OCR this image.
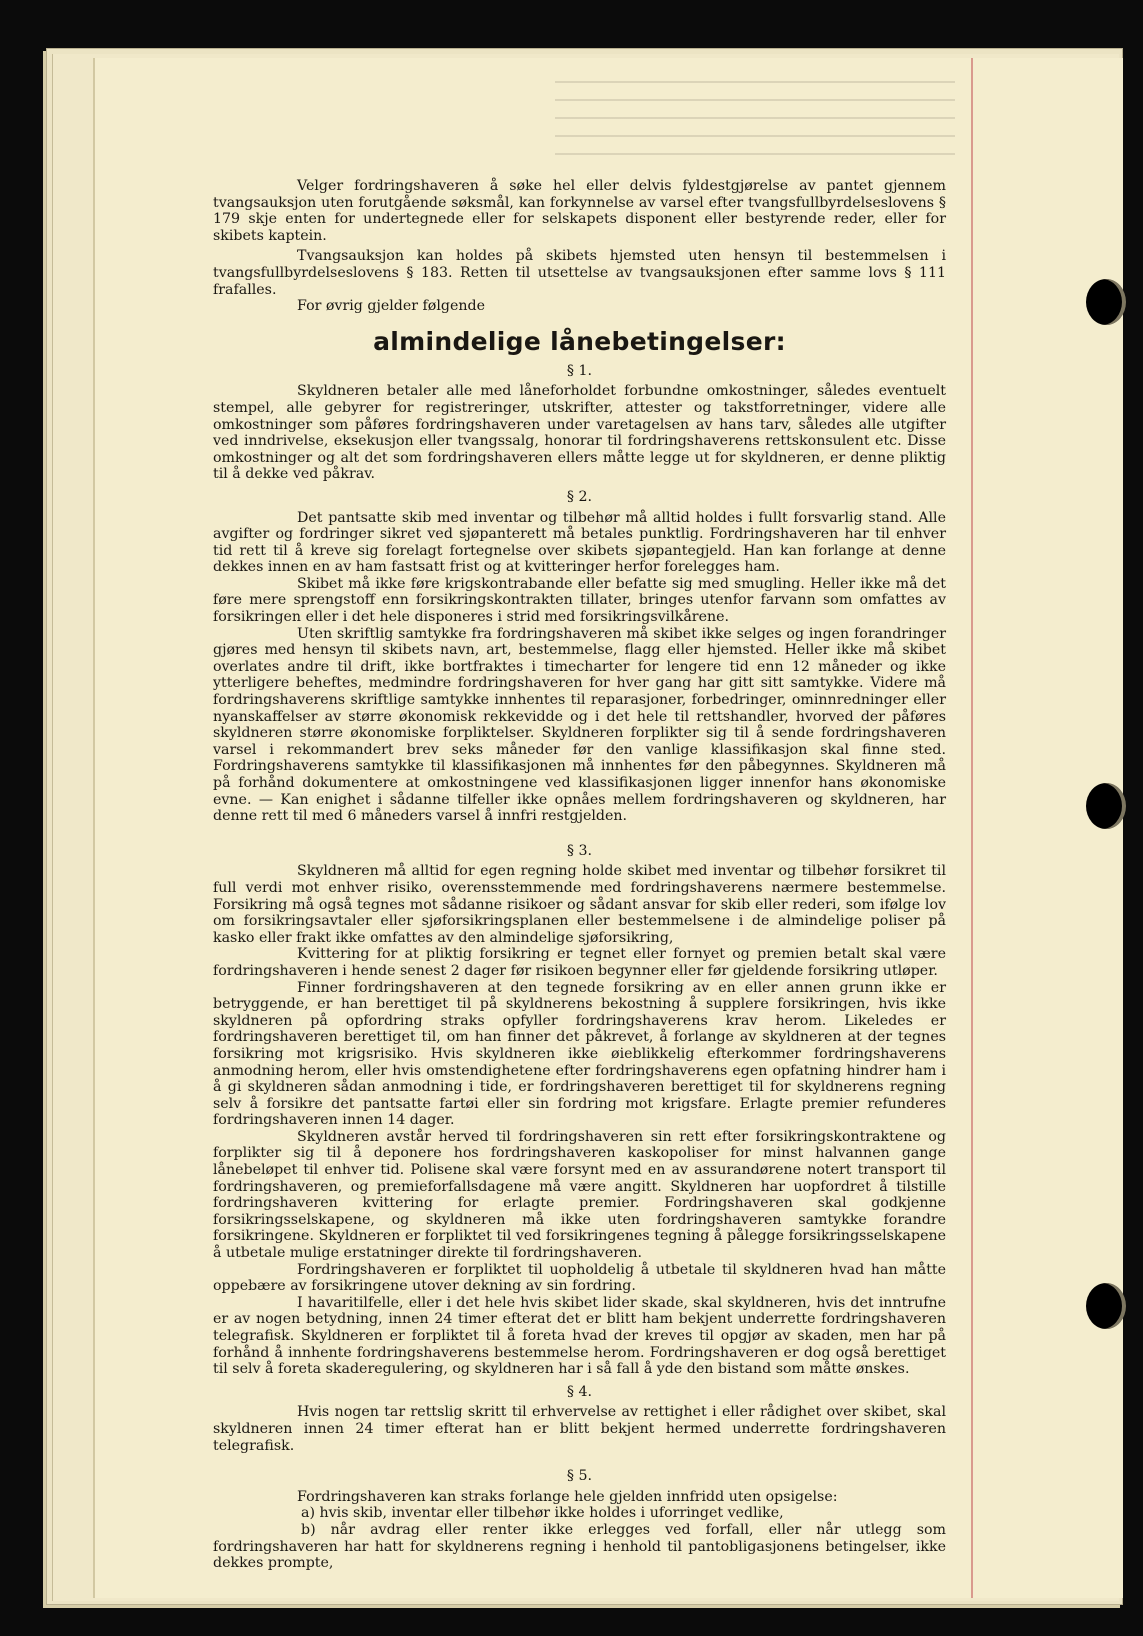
Velger fordringshaveren å søke hel eller delvis fyldestgjørelse av pantet gjennem tvangsauksjon uten forutgående søksmål, kan forkynnelse av varsel efter tvangsfullbyrdelseslovens § 179 skje enten for undertegnede eller for selskapets disponent eller bestyrende reder, eller for skibets kaptein.

Tvangsauksjon kan holdes på skibets hjemsted uten hensyn til bestemmelsen i tvangsfullbyrdelseslovens § 183. Retten til utsettelse av tvangsauksjonen efter samme lovs § 111 frafalles.

For øvrig gjelder følgende

almindelige lånebetingelser:
§ 1.

Skyldneren betaler alle med låneforholdet forbundne omkostninger, således eventuelt stempel, alle gebyrer for registreringer, utskrifter, attester og takstforretninger, videre alle omkostninger som påføres fordringshaveren under varetagelsen av hans tarv, således alle utgifter ved inndrivelse, eksekusjon eller tvangssalg, honorar til fordringshaverens rettskonsulent etc. Disse omkostninger og alt det som fordringshaveren ellers måtte legge ut for skyldneren, er denne pliktig til å dekke ved påkrav.

§ 2.

Det pantsatte skib med inventar og tilbehør må alltid holdes i fullt forsvarlig stand. Alle avgifter og fordringer sikret ved sjøpanterett må betales punktlig. Fordringshaveren har til enhver tid rett til å kreve sig forelagt fortegnelse over skibets sjøpantegjeld. Han kan forlange at denne dekkes innen en av ham fastsatt frist og at kvitteringer herfor forelegges ham.

Skibet må ikke føre krigskontrabande eller befatte sig med smugling. Heller ikke må det føre mere sprengstoff enn forsikringskontrakten tillater, bringes utenfor farvann som omfattes av forsikringen eller i det hele disponeres i strid med forsikringsvilkårene.

Uten skriftlig samtykke fra fordringshaveren må skibet ikke selges og ingen forandringer gjøres med hensyn til skibets navn, art, bestemmelse, flagg eller hjemsted. Heller ikke må skibet overlates andre til drift, ikke bortfraktes i timecharter for lengere tid enn 12 måneder og ikke ytterligere beheftes, medmindre fordringshaveren for hver gang har gitt sitt samtykke. Videre må fordringshaverens skriftlige samtykke innhentes til reparasjoner, forbedringer, ominnredninger eller nyanskaffelser av større økonomisk rekkevidde og i det hele til rettshandler, hvorved der påføres skyldneren større økonomiske forpliktelser. Skyldneren forplikter sig til å sende fordringshaveren varsel i rekommandert brev seks måneder før den vanlige klassifikasjon skal finne sted. Fordringshaverens samtykke til klassifikasjonen må innhentes før den påbegynnes. Skyldneren må på forhånd dokumentere at omkostningene ved klassifikasjonen ligger innenfor hans økonomiske evne. — Kan enighet i sådanne tilfeller ikke opnåes mellem fordringshaveren og skyldneren, har denne rett til med 6 måneders varsel å innfri restgjelden.

§ 3.

Skyldneren må alltid for egen regning holde skibet med inventar og tilbehør forsikret til full verdi mot enhver risiko, overensstemmende med fordringshaverens nærmere bestemmelse. Forsikring må også tegnes mot sådanne risikoer og sådant ansvar for skib eller rederi, som ifølge lov om forsikringsavtaler eller sjøforsikringsplanen eller bestemmelsene i de almindelige poliser på kasko eller frakt ikke omfattes av den almindelige sjøforsikring,

Kvittering for at pliktig forsikring er tegnet eller fornyet og premien betalt skal være fordringshaveren i hende senest 2 dager før risikoen begynner eller før gjeldende forsikring utløper.

Finner fordringshaveren at den tegnede forsikring av en eller annen grunn ikke er betryggende, er han berettiget til på skyldnerens bekostning å supplere forsikringen, hvis ikke skyldneren på opfordring straks opfyller fordringshaverens krav herom. Likeledes er fordringshaveren berettiget til, om han finner det påkrevet, å forlange av skyldneren at der tegnes forsikring mot krigsrisiko. Hvis skyldneren ikke øieblikkelig efterkommer fordringshaverens anmodning herom, eller hvis omstendighetene efter fordringshaverens egen opfatning hindrer ham i å gi skyldneren sådan anmodning i tide, er fordringshaveren berettiget til for skyldnerens regning selv å forsikre det pantsatte fartøi eller sin fordring mot krigsfare. Erlagte premier refunderes fordringshaveren innen 14 dager.

Skyldneren avstår herved til fordringshaveren sin rett efter forsikringskontraktene og forplikter sig til å deponere hos fordringshaveren kaskopoliser for minst halvannen gange lånebeløpet til enhver tid. Polisene skal være forsynt med en av assurandørene notert transport til fordringshaveren, og premieforfallsdagene må være angitt. Skyldneren har uopfordret å tilstille fordringshaveren kvittering for erlagte premier. Fordringshaveren skal godkjenne forsikringsselskapene, og skyldneren må ikke uten fordringshaveren samtykke forandre forsikringene. Skyldneren er forpliktet til ved forsikringenes tegning å pålegge forsikringsselskapene å utbetale mulige erstatninger direkte til fordringshaveren.

Fordringshaveren er forpliktet til uopholdelig å utbetale til skyldneren hvad han måtte oppebære av forsikringene utover dekning av sin fordring.

I havaritilfelle, eller i det hele hvis skibet lider skade, skal skyldneren, hvis det inntrufne er av nogen betydning, innen 24 timer efterat det er blitt ham bekjent underrette fordringshaveren telegrafisk. Skyldneren er forpliktet til å foreta hvad der kreves til opgjør av skaden, men har på forhånd å innhente fordringshaverens bestemmelse herom. Fordringshaveren er dog også berettiget til selv å foreta skaderegulering, og skyldneren har i så fall å yde den bistand som måtte ønskes.

§ 4.

Hvis nogen tar rettslig skritt til erhvervelse av rettighet i eller rådighet over skibet, skal skyldneren innen 24 timer efterat han er blitt bekjent hermed underrette fordringshaveren telegrafisk.

§ 5.

Fordringshaveren kan straks forlange hele gjelden innfridd uten opsigelse:

a) hvis skib, inventar eller tilbehør ikke holdes i uforringet vedlike,

b) når avdrag eller renter ikke erlegges ved forfall, eller når utlegg som fordringshaveren har hatt for skyldnerens regning i henhold til pantobligasjonens betingelser, ikke dekkes prompte,
